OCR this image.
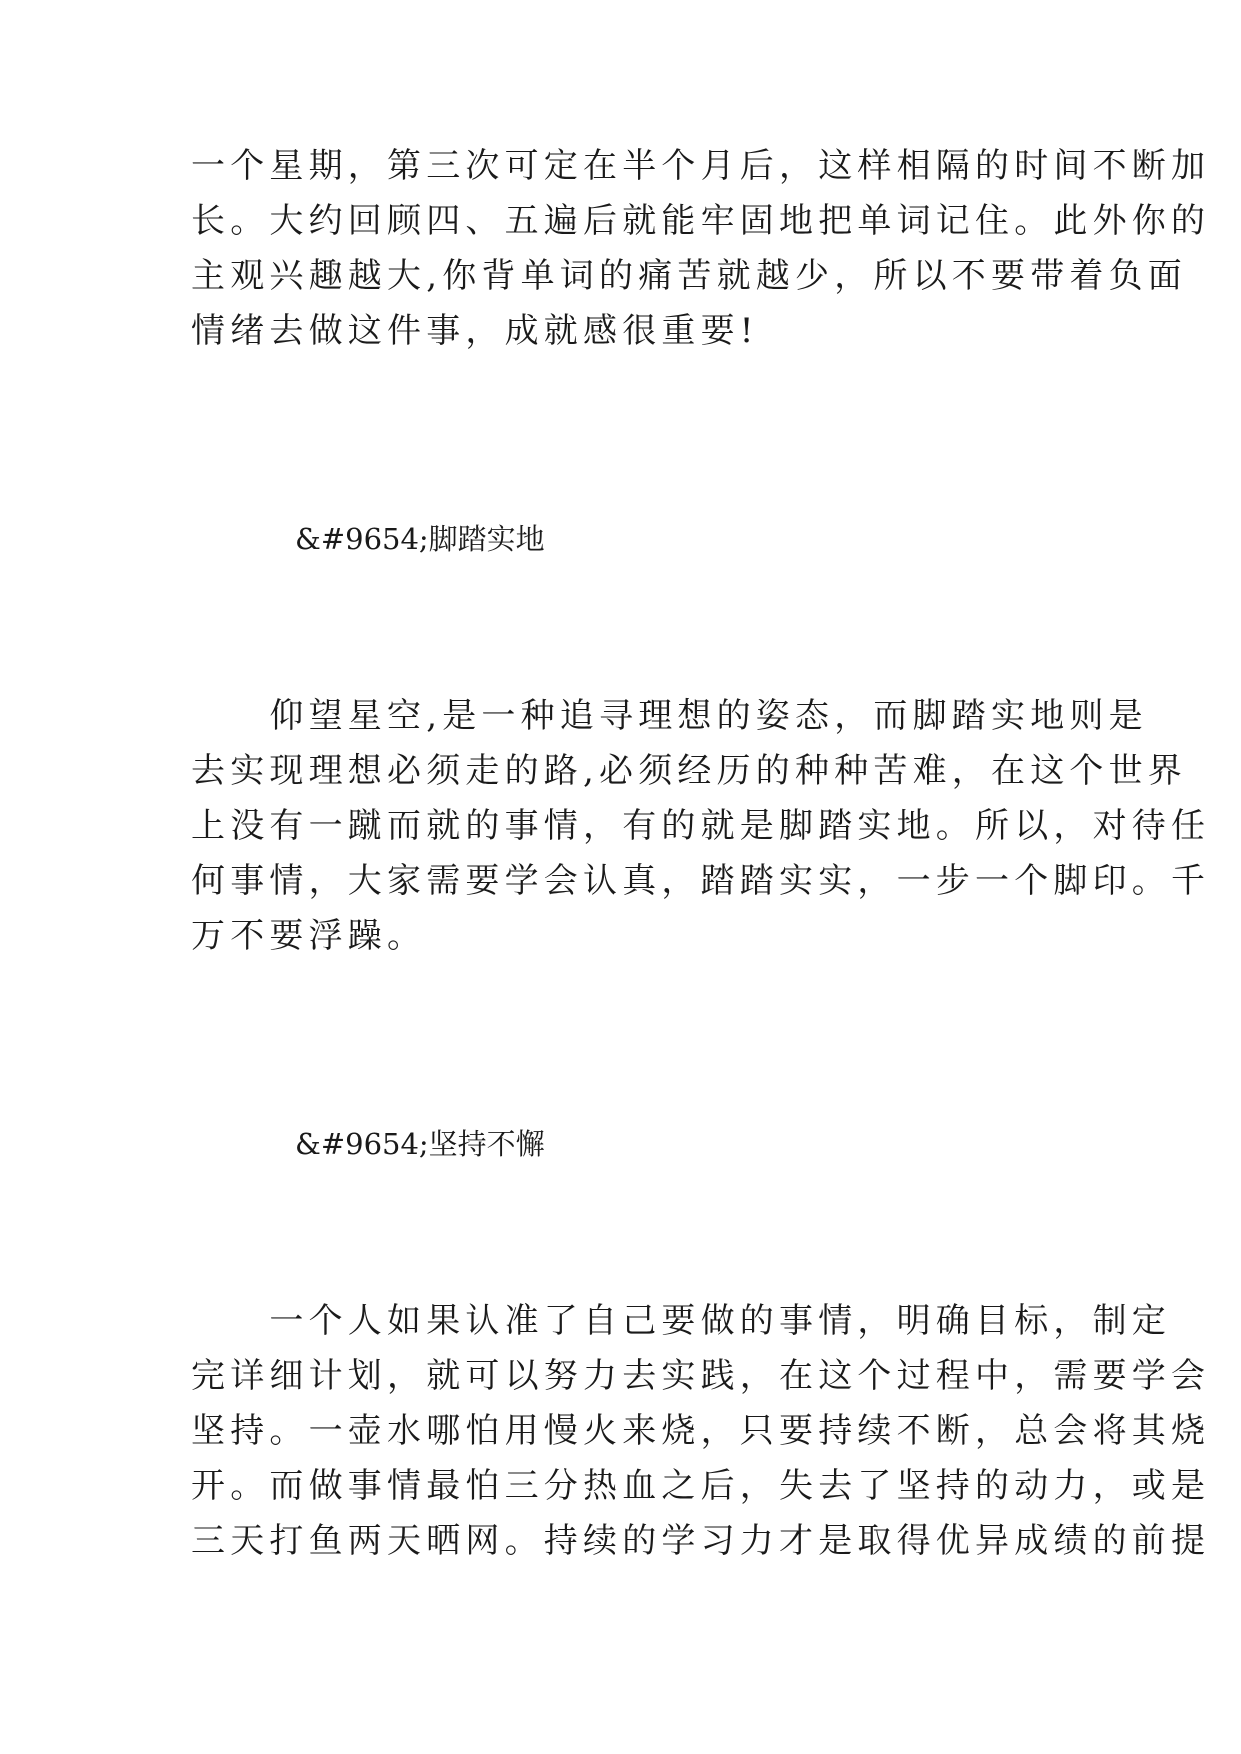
一个星期，第三次可定在半个月后，这样相隔的时间不断加
长。大约回顾四、五遍后就能牢固地把单词记住。此外你的
主观兴趣越大,你背单词的痛苦就越少，所以不要带着负面
情绪去做这件事，成就感很重要!
&#9654;脚踏实地
　　仰望星空,是一种追寻理想的姿态，而脚踏实地则是
去实现理想必须走的路,必须经历的种种苦难，在这个世界
上没有一蹴而就的事情，有的就是脚踏实地。所以，对待任
何事情，大家需要学会认真，踏踏实实，一步一个脚印。千
万不要浮躁。
&#9654;坚持不懈
　　一个人如果认准了自己要做的事情，明确目标，制定
完详细计划，就可以努力去实践，在这个过程中，需要学会
坚持。一壶水哪怕用慢火来烧，只要持续不断，总会将其烧
开。而做事情最怕三分热血之后，失去了坚持的动力，或是
三天打鱼两天晒网。持续的学习力才是取得优异成绩的前提
